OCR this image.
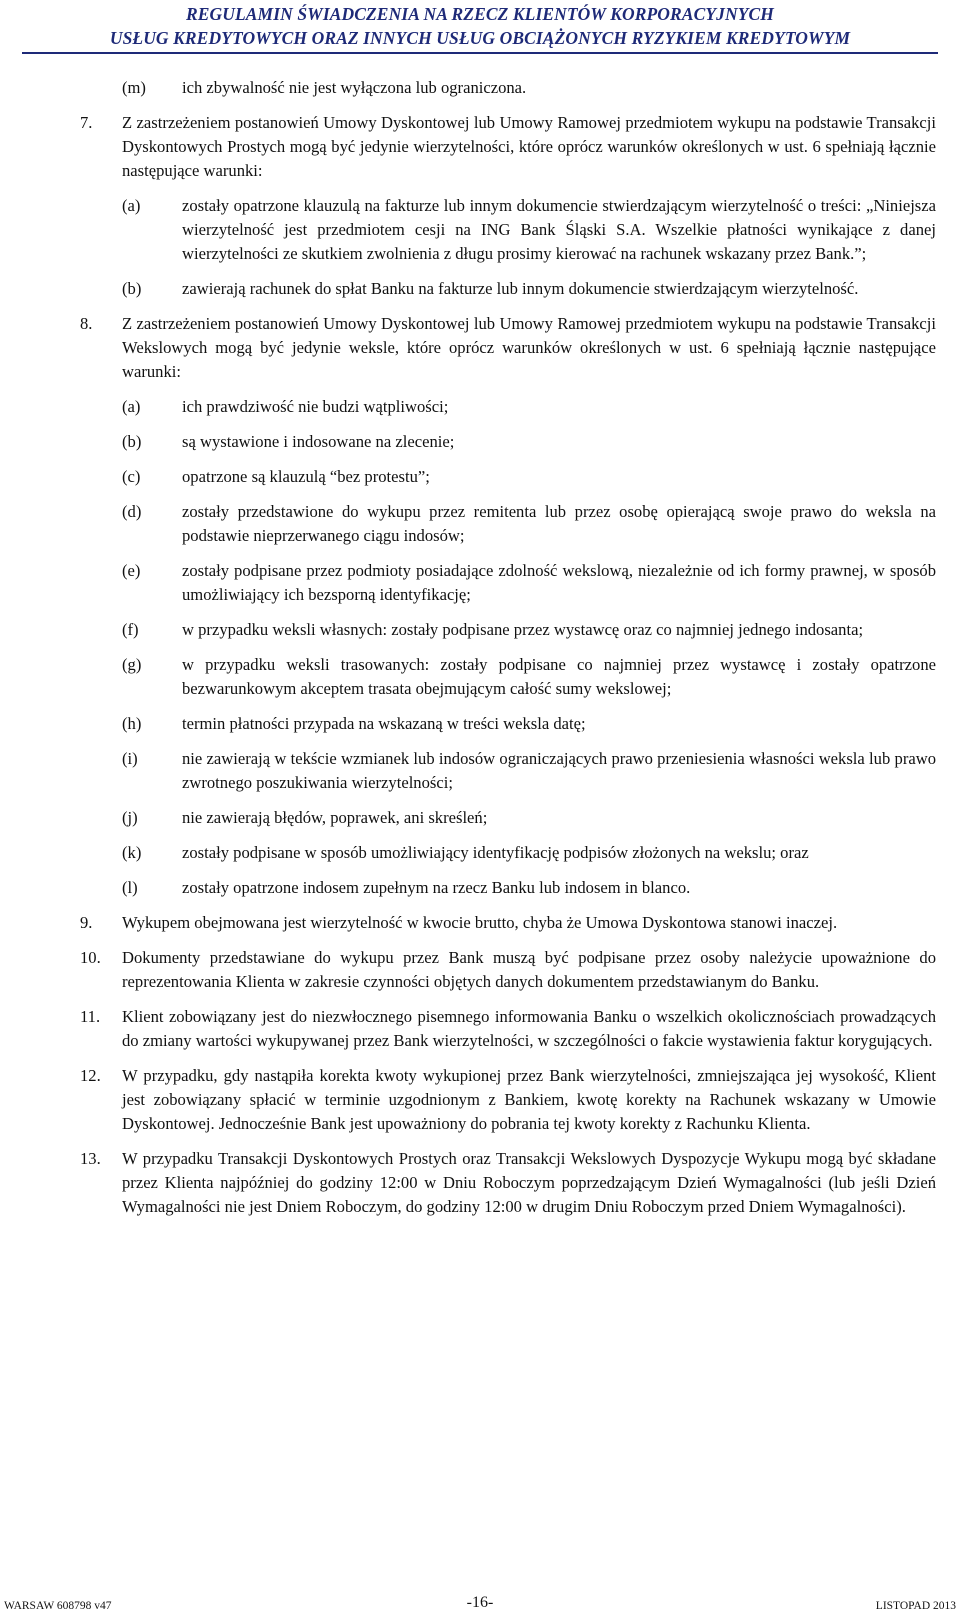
REGULAMIN ŚWIADCZENIA NA RZECZ KLIENTÓW KORPORACYJNYCH
USŁUG KREDYTOWYCH ORAZ INNYCH USŁUG OBCIĄŻONYCH RYZYKIEM KREDYTOWYM
(m) ich zbywalność nie jest wyłączona lub ograniczona.
7. Z zastrzeżeniem postanowień Umowy Dyskontowej lub Umowy Ramowej przedmiotem wykupu na podstawie Transakcji Dyskontowych Prostych mogą być jedynie wierzytelności, które oprócz warunków określonych w ust. 6 spełniają łącznie następujące warunki:
(a)	zostały opatrzone klauzulą na fakturze lub innym dokumencie stwierdzającym wierzytelność o treści: „Niniejsza wierzytelność jest przedmiotem cesji na ING Bank Śląski S.A. Wszelkie płatności wynikające z danej wierzytelności ze skutkiem zwolnienia z długu prosimy kierować na rachunek wskazany przez Bank.”;
(b) zawierają rachunek do spłat Banku na fakturze lub innym dokumencie stwierdzającym wierzytelność.
8. Z zastrzeżeniem postanowień Umowy Dyskontowej lub Umowy Ramowej przedmiotem wykupu na podstawie Transakcji Wekslowych mogą być jedynie weksle, które oprócz warunków określonych w ust. 6 spełniają łącznie następujące warunki:
(a)	ich prawdziwość nie budzi wątpliwości;
(b) są wystawione i indosowane na zlecenie;
(c)	opatrzone są klauzulą “bez protestu”;
(d) zostały przedstawione do wykupu przez remitenta lub przez osobę opierającą swoje prawo do weksla na podstawie nieprzerwanego ciągu indosów;
(e)	zostały podpisane przez podmioty posiadające zdolność wekslową, niezależnie od ich formy prawnej, w sposób umożliwiający ich bezsporną identyfikację;
(f)	w przypadku weksli własnych: zostały podpisane przez wystawcę oraz co najmniej jednego indosanta;
(g) w przypadku weksli trasowanych: zostały podpisane co najmniej przez wystawcę i zostały opatrzone bezwarunkowym akceptem trasata obejmującym całość sumy wekslowej;
(h) termin płatności przypada na wskazaną w treści weksla datę;
(i)	nie zawierają w tekście wzmianek lub indosów ograniczających prawo przeniesienia własności weksla lub prawo zwrotnego poszukiwania wierzytelności;
(j)	nie zawierają błędów, poprawek, ani skreśleń;
(k) zostały podpisane w sposób umożliwiający identyfikację podpisów złożonych na wekslu; oraz
(l)	zostały opatrzone indosem zupełnym na rzecz Banku lub indosem in blanco.
9. Wykupem obejmowana jest wierzytelność w kwocie brutto, chyba że Umowa Dyskontowa stanowi inaczej.
10. Dokumenty przedstawiane do wykupu przez Bank muszą być podpisane przez osoby należycie upoważnione do reprezentowania Klienta w zakresie czynności objętych danych dokumentem przedstawianym do Banku.
11. Klient zobowiązany jest do niezwłocznego pisemnego informowania Banku o wszelkich okolicznościach prowadzących do zmiany wartości wykupywanej przez Bank wierzytelności, w szczególności o fakcie wystawienia faktur korygujących.
12. W przypadku, gdy nastąpiła korekta kwoty wykupionej przez Bank wierzytelności, zmniejszająca jej wysokość, Klient jest zobowiązany spłacić w terminie uzgodnionym z Bankiem, kwotę korekty na Rachunek wskazany w Umowie Dyskontowej. Jednocześnie Bank jest upoważniony do pobrania tej kwoty korekty z Rachunku Klienta.
13. W przypadku Transakcji Dyskontowych Prostych oraz Transakcji Wekslowych Dyspozycje Wykupu mogą być składane przez Klienta najpóźniej do godziny 12:00 w Dniu Roboczym poprzedzającym Dzień Wymagalności (lub jeśli Dzień Wymagalności nie jest Dniem Roboczym, do godziny 12:00 w drugim Dniu Roboczym przed Dniem Wymagalności).
WARSAW 608798 v47	-16-	LISTOPAD 2013
